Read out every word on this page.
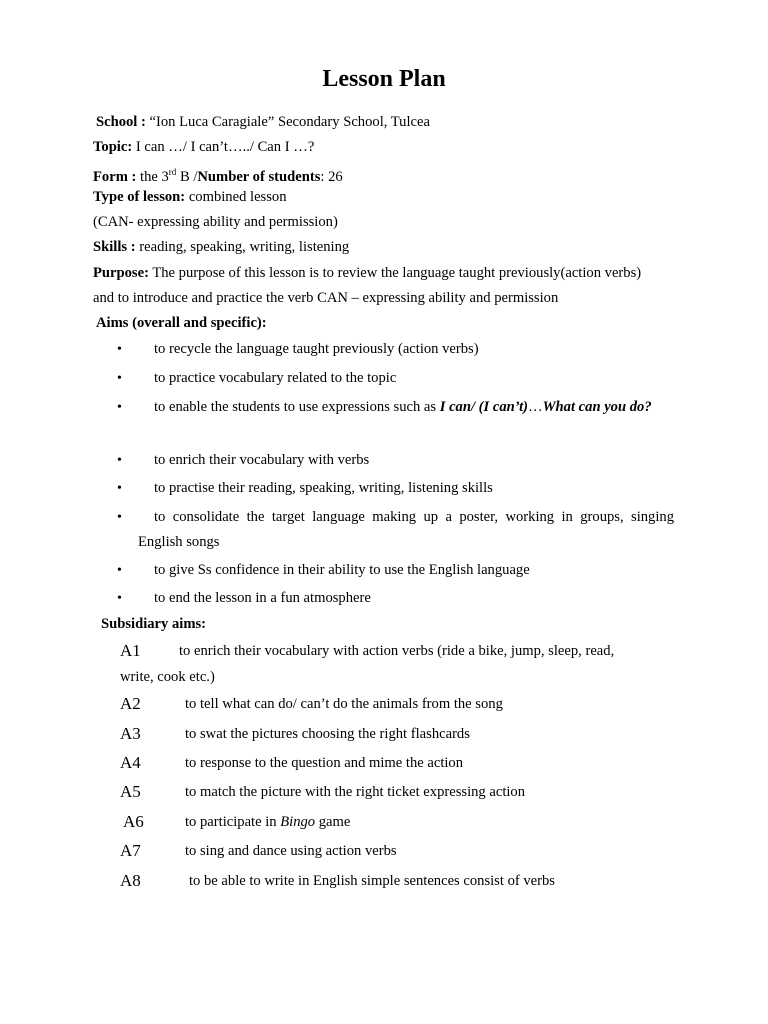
Lesson Plan
School : “Ion Luca Caragiale” Secondary School, Tulcea
Topic: I can …/ I can’t…../ Can I …?
Form : the 3rd B /Number of students: 26
Type of lesson: combined lesson
(CAN- expressing ability and permission)
Skills : reading, speaking, writing, listening
Purpose: The purpose of this lesson is to review the language taught previously(action verbs)
and to introduce and practice the verb CAN – expressing ability and permission
Aims (overall and specific):
•	to recycle the language taught previously (action verbs)
•	to practice vocabulary related to the topic
•	to enable the students to use expressions such as I can/ (I can’t)…What can you do?
•	to enrich their vocabulary with verbs
•	to practise their reading, speaking, writing, listening skills
•	to consolidate the target language making up a poster, working in groups, singing English songs
•	to give Ss confidence in their ability to use the English language
•	to end the lesson in a fun atmosphere
Subsidiary aims:
A1	to enrich their vocabulary with action verbs (ride a bike, jump, sleep, read,
write, cook etc.)
A2	to tell what can do/ can’t do the animals from the song
A3	to swat the pictures choosing the right flashcards
A4	to response to the question and mime the action
A5	to match the picture with the right ticket expressing action
A6	to participate in Bingo game
A7	to sing and dance using action verbs
A8	to be able to write in English simple sentences consist of verbs
